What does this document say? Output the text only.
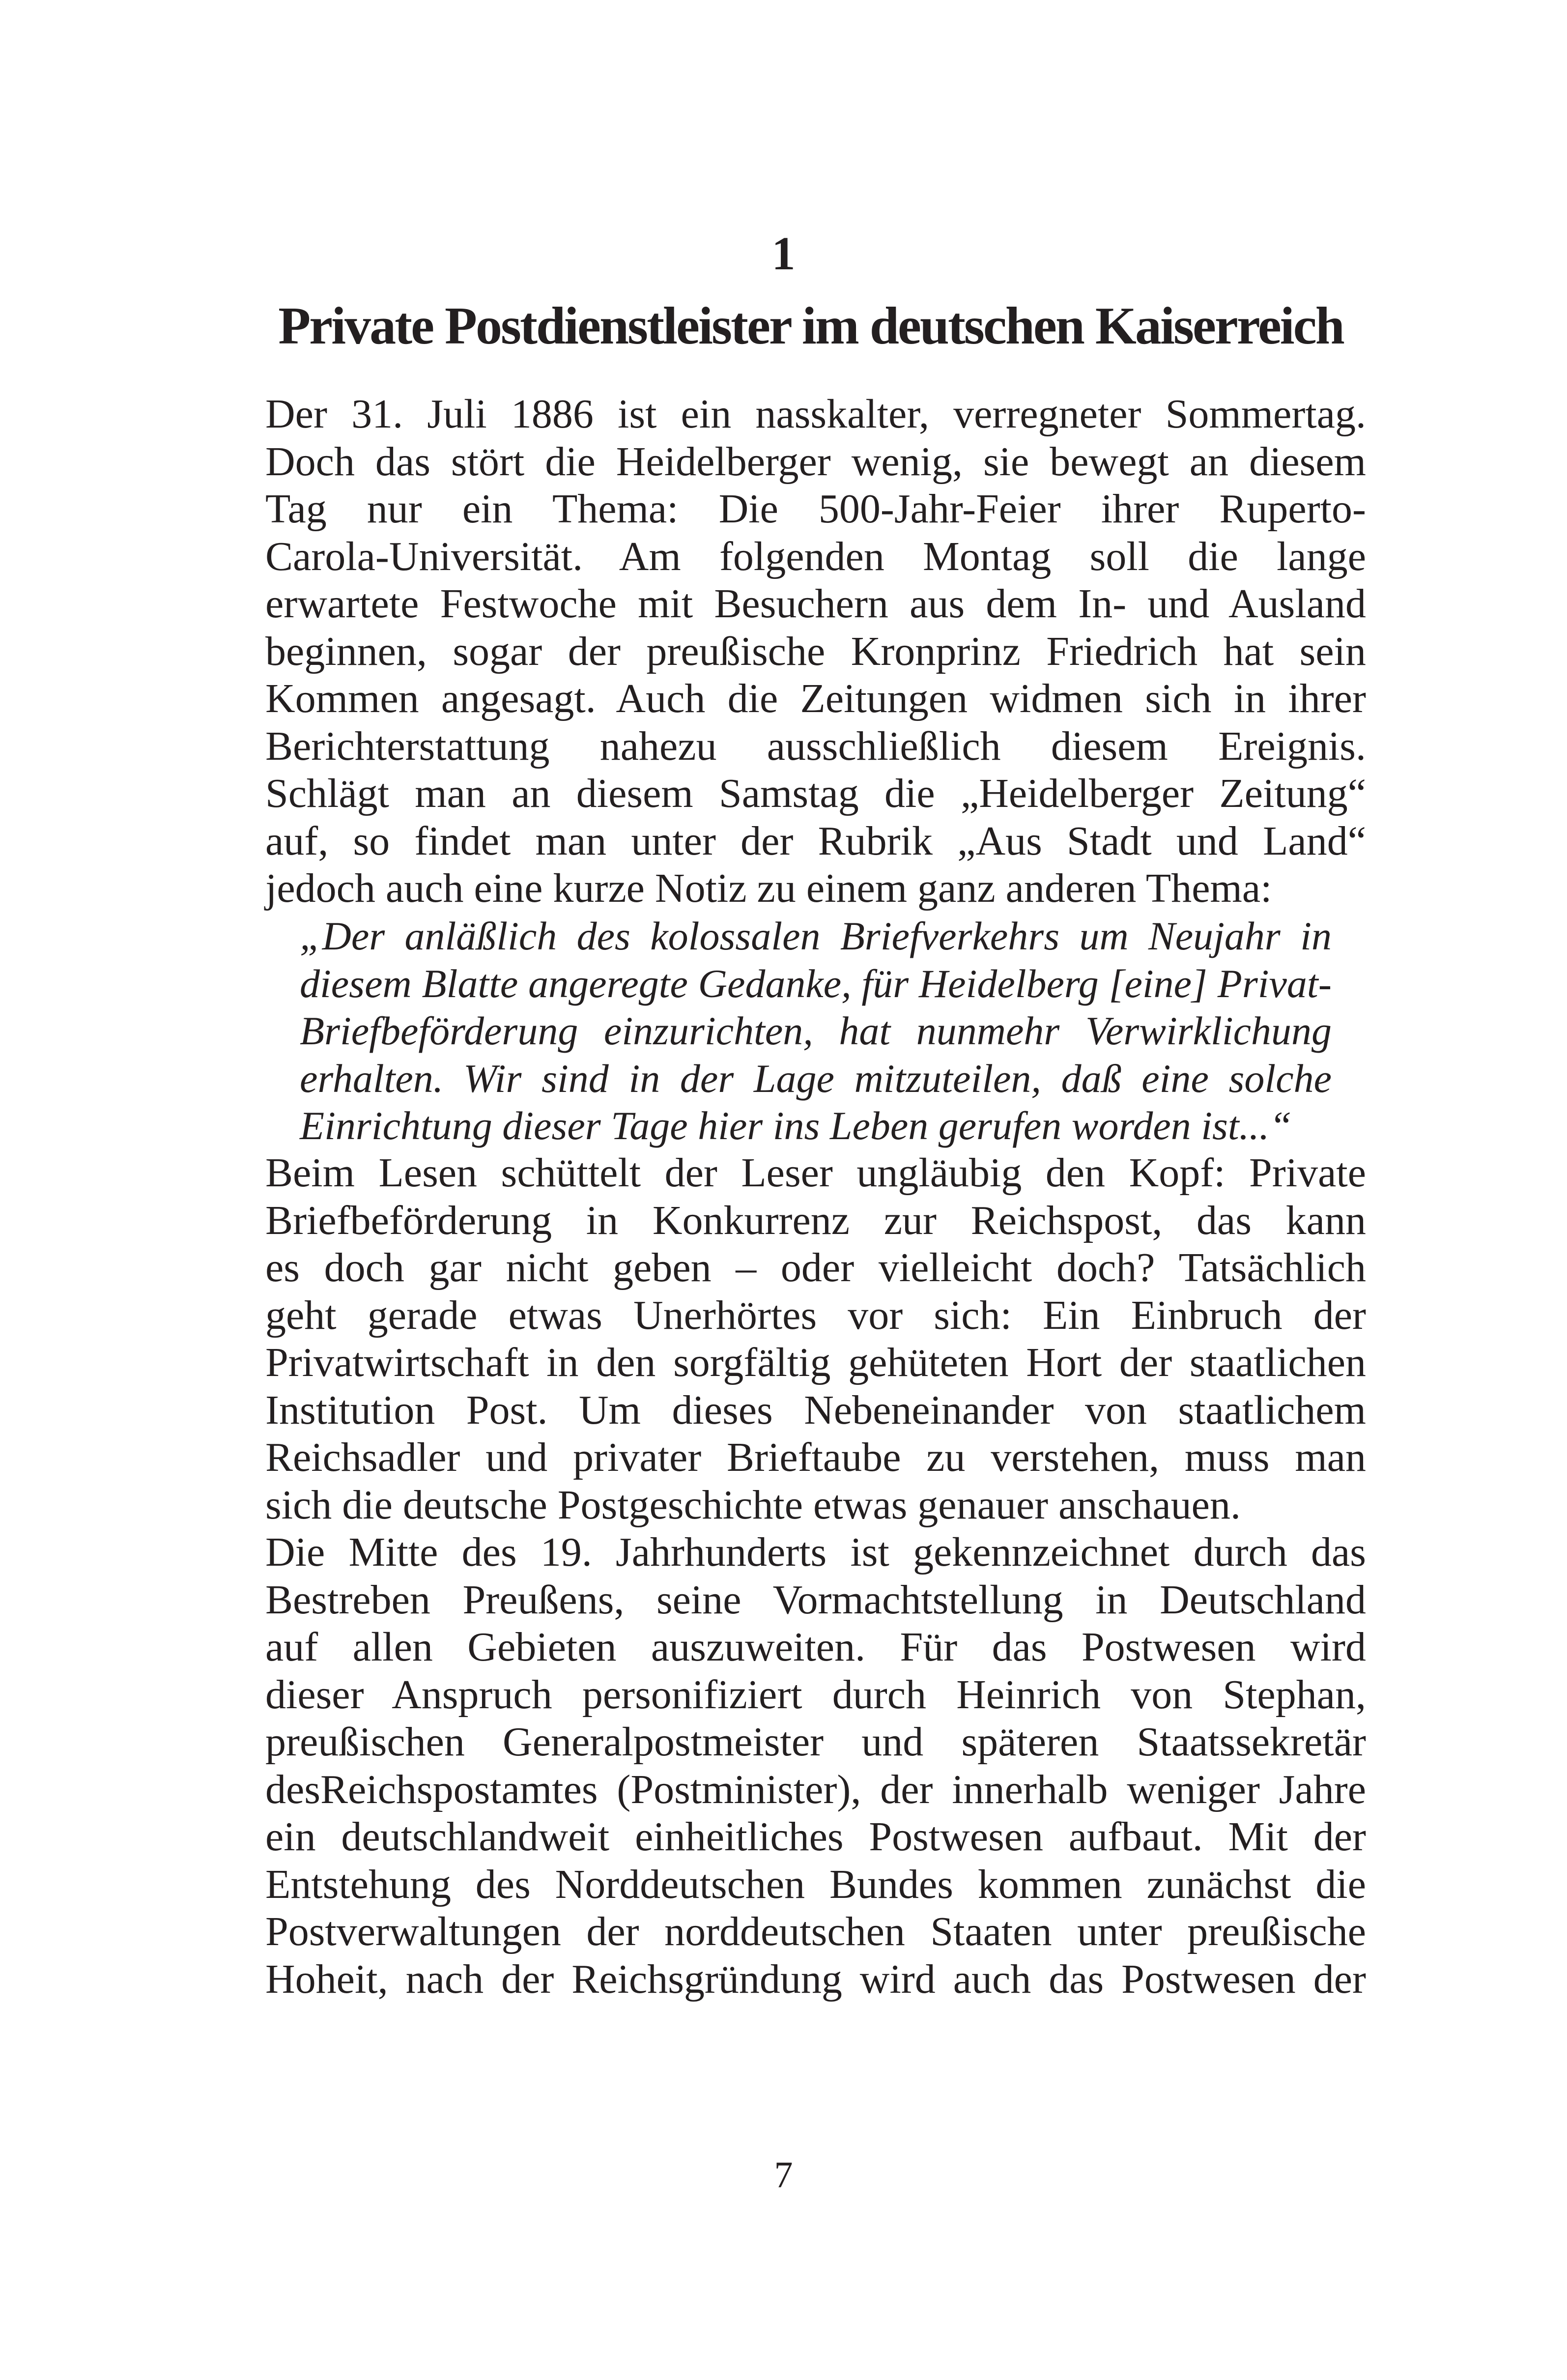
1
Private Postdienstleister im deutschen Kaiserreich
Der 31. Juli 1886 ist ein nasskalter, verregneter Sommertag.
Doch das stört die Heidelberger wenig, sie bewegt an diesem
Tag nur ein Thema: Die 500-Jahr-Feier ihrer Ruperto-
Carola-Universität. Am folgenden Montag soll die lange
erwartete Festwoche mit Besuchern aus dem In- und Ausland
beginnen, sogar der preußische Kronprinz Friedrich hat sein
Kommen angesagt. Auch die Zeitungen widmen sich in ihrer
Berichterstattung nahezu ausschließlich diesem Ereignis.
Schlägt man an diesem Samstag die „Heidelberger Zeitung“
auf, so findet man unter der Rubrik „Aus Stadt und Land“
jedoch auch eine kurze Notiz zu einem ganz anderen Thema:
„Der anläßlich des kolossalen Briefverkehrs um Neujahr in
diesem Blatte angeregte Gedanke, für Heidelberg [eine] Privat-
Briefbeförderung einzurichten, hat nunmehr Verwirklichung
erhalten. Wir sind in der Lage mitzuteilen, daß eine solche
Einrichtung dieser Tage hier ins Leben gerufen worden ist...“
Beim Lesen schüttelt der Leser ungläubig den Kopf: Private
Briefbeförderung in Konkurrenz zur Reichspost, das kann
es doch gar nicht geben – oder vielleicht doch? Tatsächlich
geht gerade etwas Unerhörtes vor sich: Ein Einbruch der
Privatwirtschaft in den sorgfältig gehüteten Hort der staatlichen
Institution Post. Um dieses Nebeneinander von staatlichem
Reichsadler und privater Brieftaube zu verstehen, muss man
sich die deutsche Postgeschichte etwas genauer anschauen.
Die Mitte des 19. Jahrhunderts ist gekennzeichnet durch das
Bestreben Preußens, seine Vormachtstellung in Deutschland
auf allen Gebieten auszuweiten. Für das Postwesen wird
dieser Anspruch personifiziert durch Heinrich von Stephan,
preußischen Generalpostmeister und späteren Staatssekretär
desReichspostamtes (Postminister), der innerhalb weniger Jahre
ein deutschlandweit einheitliches Postwesen aufbaut. Mit der
Entstehung des Norddeutschen Bundes kommen zunächst die
Postverwaltungen der norddeutschen Staaten unter preußische
Hoheit, nach der Reichsgründung wird auch das Postwesen der
7
